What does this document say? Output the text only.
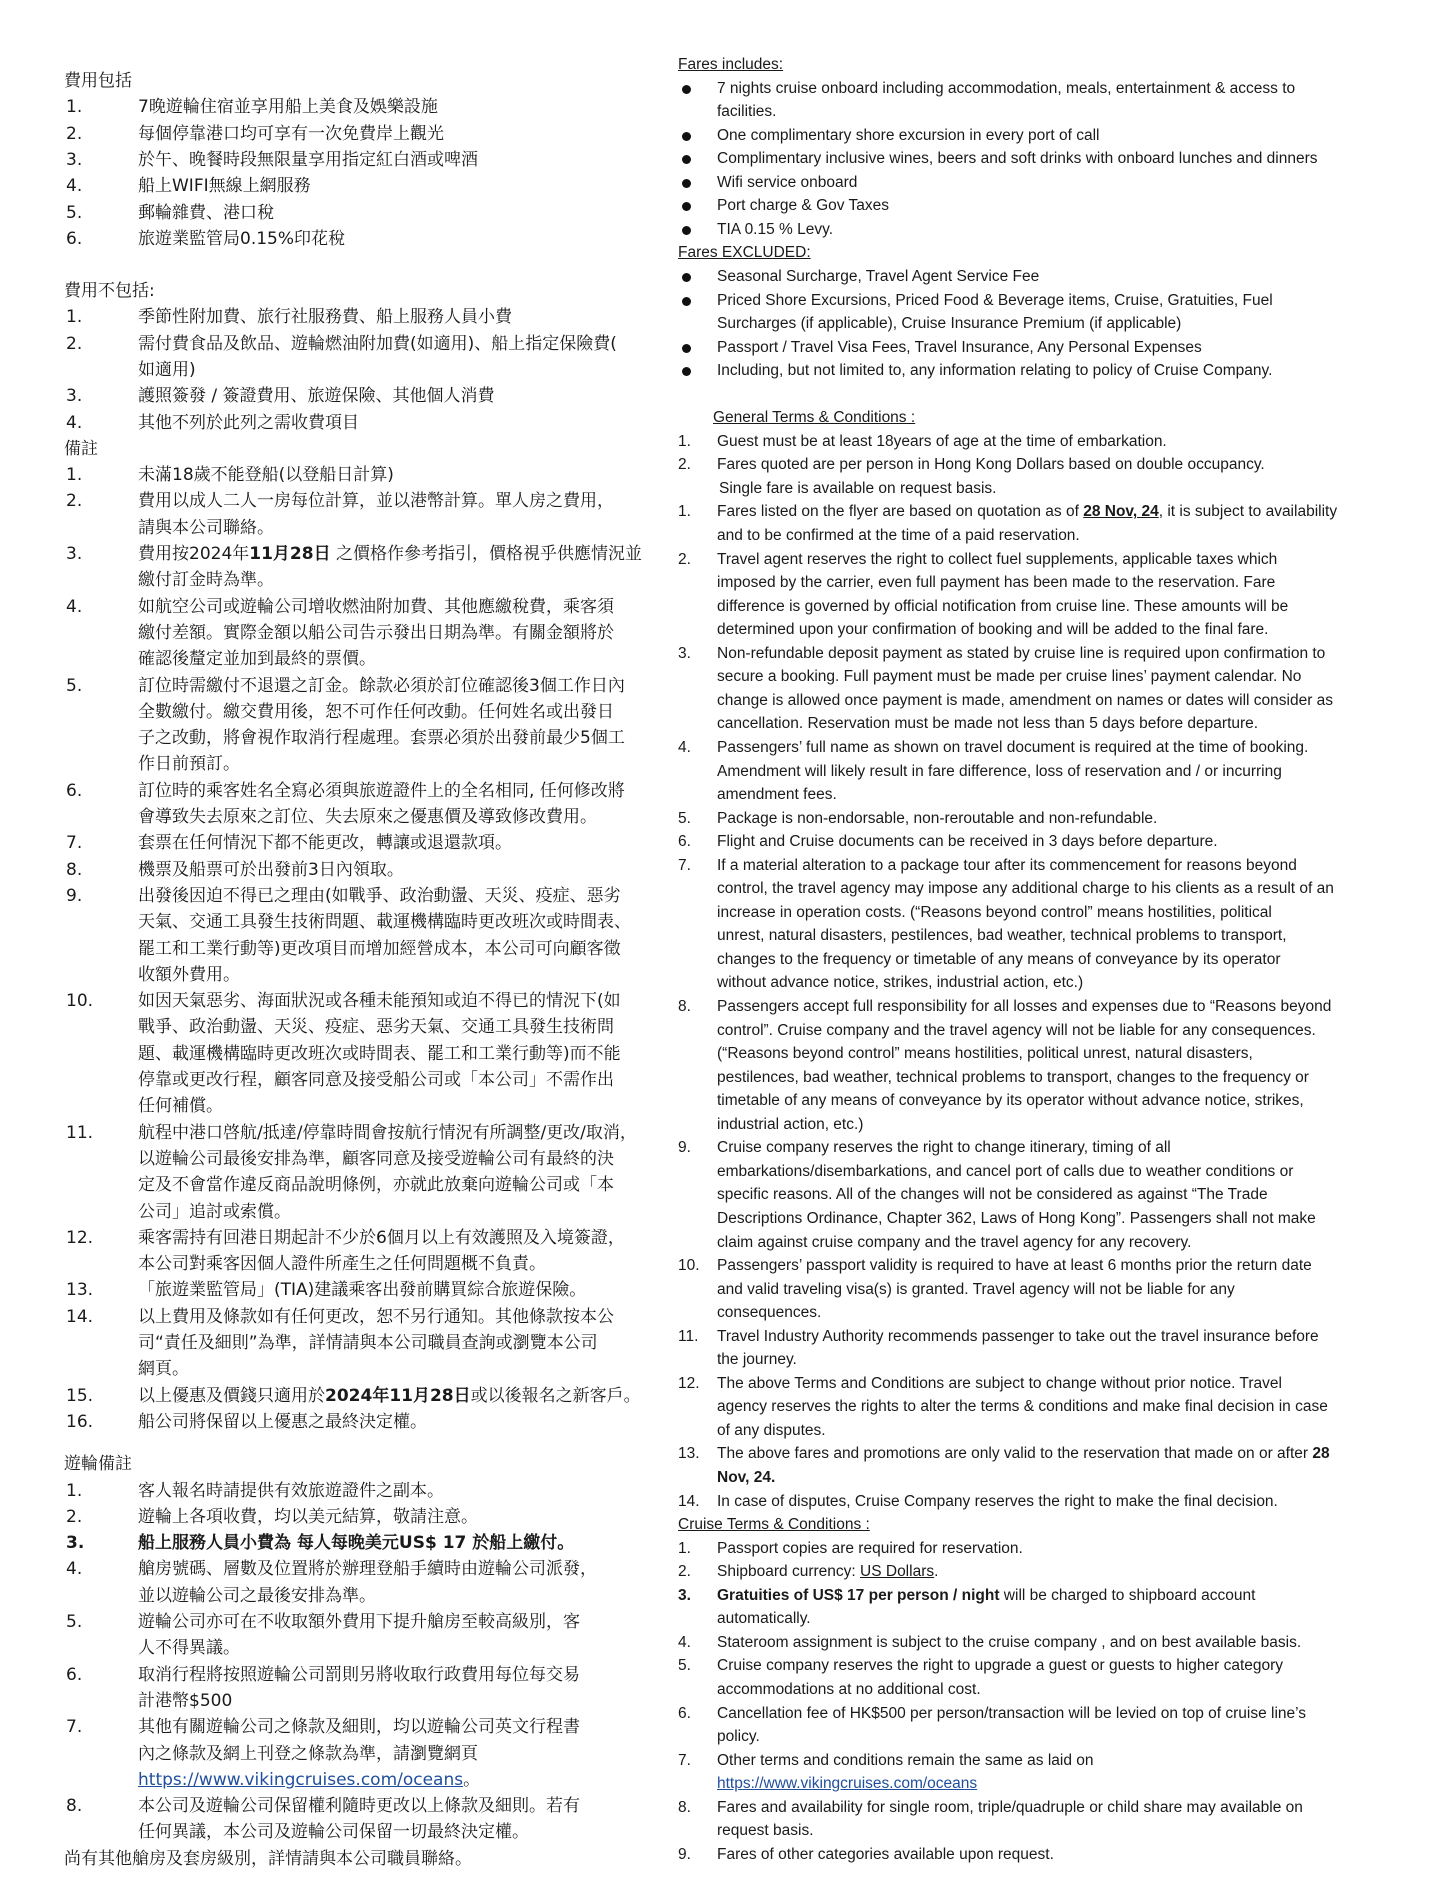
費用包括
1.	7晚遊輪住宿並享用船上美食及娛樂設施
2.	每個停靠港口均可享有一次免費岸上觀光
3.	於午、晚餐時段無限量享用指定紅白酒或啤酒
4.	船上WIFI無線上網服務
5.	郵輪雜費、港口稅
6.	旅遊業監管局0.15%印花稅
費用不包括:
1.	季節性附加費、旅行社服務費、船上服務人員小費
2.	需付費食品及飲品、遊輪燃油附加費(如適用)、船上指定保險費(
如適用)
3.	護照簽發 / 簽證費用、旅遊保險、其他個人消費
4.	其他不列於此列之需收費項目
備註
1.	未滿18歲不能登船(以登船日計算)
2.	費用以成人二人一房每位計算，並以港幣計算。單人房之費用，
請與本公司聯絡。
3.	費用按2024年11月28日 之價格作參考指引，價格視乎供應情況並
繳付訂金時為準。
4.	如航空公司或遊輪公司增收燃油附加費、其他應繳稅費，乘客須
繳付差額。實際金額以船公司告示發出日期為準。有關金額將於
確認後釐定並加到最終的票價。
5.	訂位時需繳付不退還之訂金。餘款必須於訂位確認後3個工作日內
全數繳付。繳交費用後，恕不可作任何改動。任何姓名或出發日
子之改動，將會視作取消行程處理。套票必須於出發前最少5個工
作日前預訂。
6.	訂位時的乘客姓名全寫必須與旅遊證件上的全名相同, 任何修改將
會導致失去原來之訂位、失去原來之優惠價及導致修改費用。
7.	套票在任何情況下都不能更改，轉讓或退還款項。
8.	機票及船票可於出發前3日內領取。
9.	出發後因迫不得已之理由(如戰爭、政治動盪、天災、疫症、惡劣
天氣、交通工具發生技術問題、載運機構臨時更改班次或時間表、
罷工和工業行動等)更改項目而增加經營成本，本公司可向顧客徵
收額外費用。
10.	如因天氣惡劣、海面狀況或各種未能預知或迫不得已的情況下(如
戰爭、政治動盪、天災、疫症、惡劣天氣、交通工具發生技術問
題、載運機構臨時更改班次或時間表、罷工和工業行動等)而不能
停靠或更改行程，顧客同意及接受船公司或「本公司」不需作出
任何補償。
11.	航程中港口啓航/抵達/停靠時間會按航行情況有所調整/更改/取消，
以遊輪公司最後安排為準，顧客同意及接受遊輪公司有最終的決
定及不會當作違反商品說明條例，亦就此放棄向遊輪公司或「本
公司」追討或索償。
12.	乘客需持有回港日期起計不少於6個月以上有效護照及入境簽證，
本公司對乘客因個人證件所產生之任何問題概不負責。
13.	「旅遊業監管局」(TIA)建議乘客出發前購買綜合旅遊保險。
14.	以上費用及條款如有任何更改，恕不另行通知。其他條款按本公
司“責任及細則”為準，詳情請與本公司職員查詢或瀏覽本公司
網頁。
15.	以上優惠及價錢只適用於2024年11月28日或以後報名之新客戶。
16.	船公司將保留以上優惠之最終決定權。
遊輪備註
1.	客人報名時請提供有效旅遊證件之副本。
2.	遊輪上各項收費，均以美元結算，敬請注意。
3.	船上服務人員小費為 每人每晚美元US$ 17 於船上繳付。
4.	艙房號碼、層數及位置將於辦理登船手續時由遊輪公司派發，
並以遊輪公司之最後安排為準。
5.	遊輪公司亦可在不收取額外費用下提升艙房至較高級別，客
人不得異議。
6.	取消行程將按照遊輪公司罰則另將收取行政費用每位每交易
計港幣$500
7.	其他有關遊輪公司之條款及細則，均以遊輪公司英文行程書
內之條款及網上刊登之條款為準，請瀏覽網頁
https://www.vikingcruises.com/oceans。
8.	本公司及遊輪公司保留權利隨時更改以上條款及細則。若有
任何異議，本公司及遊輪公司保留一切最終決定權。
尚有其他艙房及套房級別，詳情請與本公司職員聯絡。
Fares includes:
7 nights cruise onboard including accommodation, meals, entertainment & access to
facilities.
One complimentary shore excursion in every port of call
Complimentary inclusive wines, beers and soft drinks with onboard lunches and dinners
Wifi service onboard
Port charge & Gov Taxes
TIA 0.15 % Levy.
Fares EXCLUDED:
Seasonal Surcharge, Travel Agent Service Fee
Priced Shore Excursions, Priced Food & Beverage items, Cruise, Gratuities, Fuel
Surcharges (if applicable), Cruise Insurance Premium (if applicable)
Passport / Travel Visa Fees, Travel Insurance, Any Personal Expenses
Including, but not limited to, any information relating to policy of Cruise Company.
General Terms & Conditions :
1. Guest must be at least 18years of age at the time of embarkation.
2. Fares quoted are per person in Hong Kong Dollars based on double occupancy.
Single fare is available on request basis.
1. Fares listed on the flyer are based on quotation as of 28 Nov, 24, it is subject to availability
and to be confirmed at the time of a paid reservation.
2. Travel agent reserves the right to collect fuel supplements, applicable taxes which
imposed by the carrier, even full payment has been made to the reservation. Fare
difference is governed by official notification from cruise line. These amounts will be
determined upon your confirmation of booking and will be added to the final fare.
3. Non-refundable deposit payment as stated by cruise line is required upon confirmation to
secure a booking. Full payment must be made per cruise lines’ payment calendar. No
change is allowed once payment is made, amendment on names or dates will consider as
cancellation. Reservation must be made not less than 5 days before departure.
4. Passengers’ full name as shown on travel document is required at the time of booking.
Amendment will likely result in fare difference, loss of reservation and / or incurring
amendment fees.
5. Package is non-endorsable, non-reroutable and non-refundable.
6. Flight and Cruise documents can be received in 3 days before departure.
7. If a material alteration to a package tour after its commencement for reasons beyond
control, the travel agency may impose any additional charge to his clients as a result of an
increase in operation costs. (“Reasons beyond control” means hostilities, political
unrest, natural disasters, pestilences, bad weather, technical problems to transport,
changes to the frequency or timetable of any means of conveyance by its operator
without advance notice, strikes, industrial action, etc.)
8. Passengers accept full responsibility for all losses and expenses due to “Reasons beyond
control”. Cruise company and the travel agency will not be liable for any consequences.
(“Reasons beyond control” means hostilities, political unrest, natural disasters,
pestilences, bad weather, technical problems to transport, changes to the frequency or
timetable of any means of conveyance by its operator without advance notice, strikes,
industrial action, etc.)
9. Cruise company reserves the right to change itinerary, timing of all
embarkations/disembarkations, and cancel port of calls due to weather conditions or
specific reasons. All of the changes will not be considered as against “The Trade
Descriptions Ordinance, Chapter 362, Laws of Hong Kong”. Passengers shall not make
claim against cruise company and the travel agency for any recovery.
10. Passengers’ passport validity is required to have at least 6 months prior the return date
and valid traveling visa(s) is granted. Travel agency will not be liable for any
consequences.
11. Travel Industry Authority recommends passenger to take out the travel insurance before
the journey.
12. The above Terms and Conditions are subject to change without prior notice. Travel
agency reserves the rights to alter the terms & conditions and make final decision in case
of any disputes.
13. The above fares and promotions are only valid to the reservation that made on or after 28
Nov, 24.
14. In case of disputes, Cruise Company reserves the right to make the final decision.
Cruise Terms & Conditions :
1. Passport copies are required for reservation.
2. Shipboard currency: US Dollars.
3. Gratuities of US$ 17 per person / night will be charged to shipboard account
automatically.
4. Stateroom assignment is subject to the cruise company , and on best available basis.
5. Cruise company reserves the right to upgrade a guest or guests to higher category
accommodations at no additional cost.
6. Cancellation fee of HK$500 per person/transaction will be levied on top of cruise line’s
policy.
7. Other terms and conditions remain the same as laid on
https://www.vikingcruises.com/oceans
8. Fares and availability for single room, triple/quadruple or child share may available on
request basis.
9. Fares of other categories available upon request.
